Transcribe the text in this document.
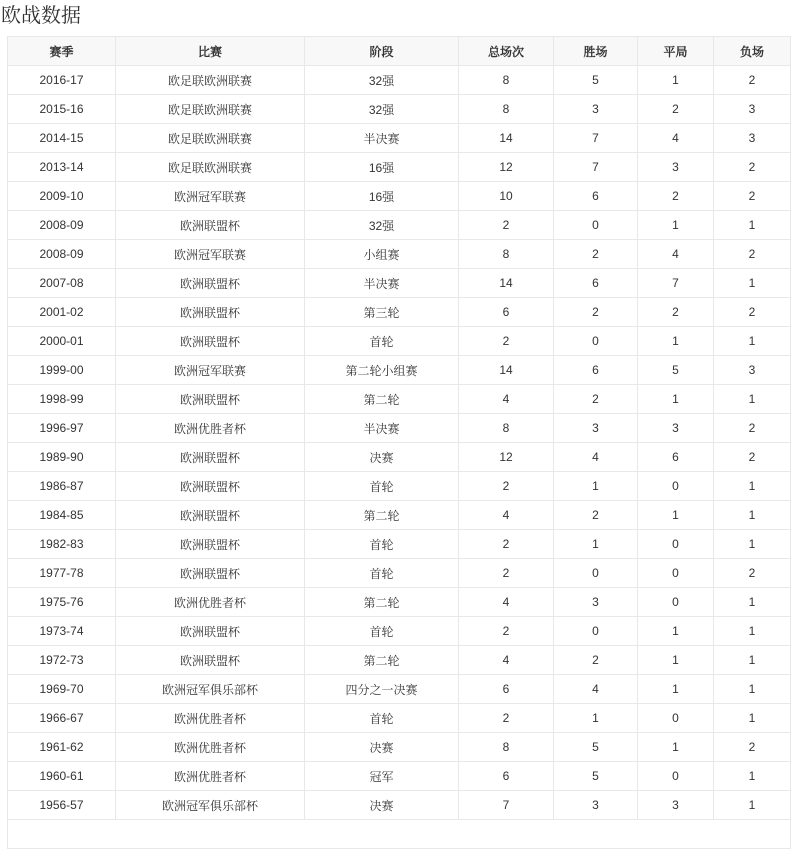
欧战数据
赛季	比赛	阶段	总场次	胜场	平局	负场
2016-17	欧足联欧洲联赛	32强	8	5	1	2
2015-16	欧足联欧洲联赛	32强	8	3	2	3
2014-15	欧足联欧洲联赛	半决赛	14	7	4	3
2013-14	欧足联欧洲联赛	16强	12	7	3	2
2009-10	欧洲冠军联赛	16强	10	6	2	2
2008-09	欧洲联盟杯	32强	2	0	1	1
2008-09	欧洲冠军联赛	小组赛	8	2	4	2
2007-08	欧洲联盟杯	半决赛	14	6	7	1
2001-02	欧洲联盟杯	第三轮	6	2	2	2
2000-01	欧洲联盟杯	首轮	2	0	1	1
1999-00	欧洲冠军联赛	第二轮小组赛	14	6	5	3
1998-99	欧洲联盟杯	第二轮	4	2	1	1
1996-97	欧洲优胜者杯	半决赛	8	3	3	2
1989-90	欧洲联盟杯	决赛	12	4	6	2
1986-87	欧洲联盟杯	首轮	2	1	0	1
1984-85	欧洲联盟杯	第二轮	4	2	1	1
1982-83	欧洲联盟杯	首轮	2	1	0	1
1977-78	欧洲联盟杯	首轮	2	0	0	2
1975-76	欧洲优胜者杯	第二轮	4	3	0	1
1973-74	欧洲联盟杯	首轮	2	0	1	1
1972-73	欧洲联盟杯	第二轮	4	2	1	1
1969-70	欧洲冠军俱乐部杯	四分之一决赛	6	4	1	1
1966-67	欧洲优胜者杯	首轮	2	1	0	1
1961-62	欧洲优胜者杯	决赛	8	5	1	2
1960-61	欧洲优胜者杯	冠军	6	5	0	1
1956-57	欧洲冠军俱乐部杯	决赛	7	3	3	1
